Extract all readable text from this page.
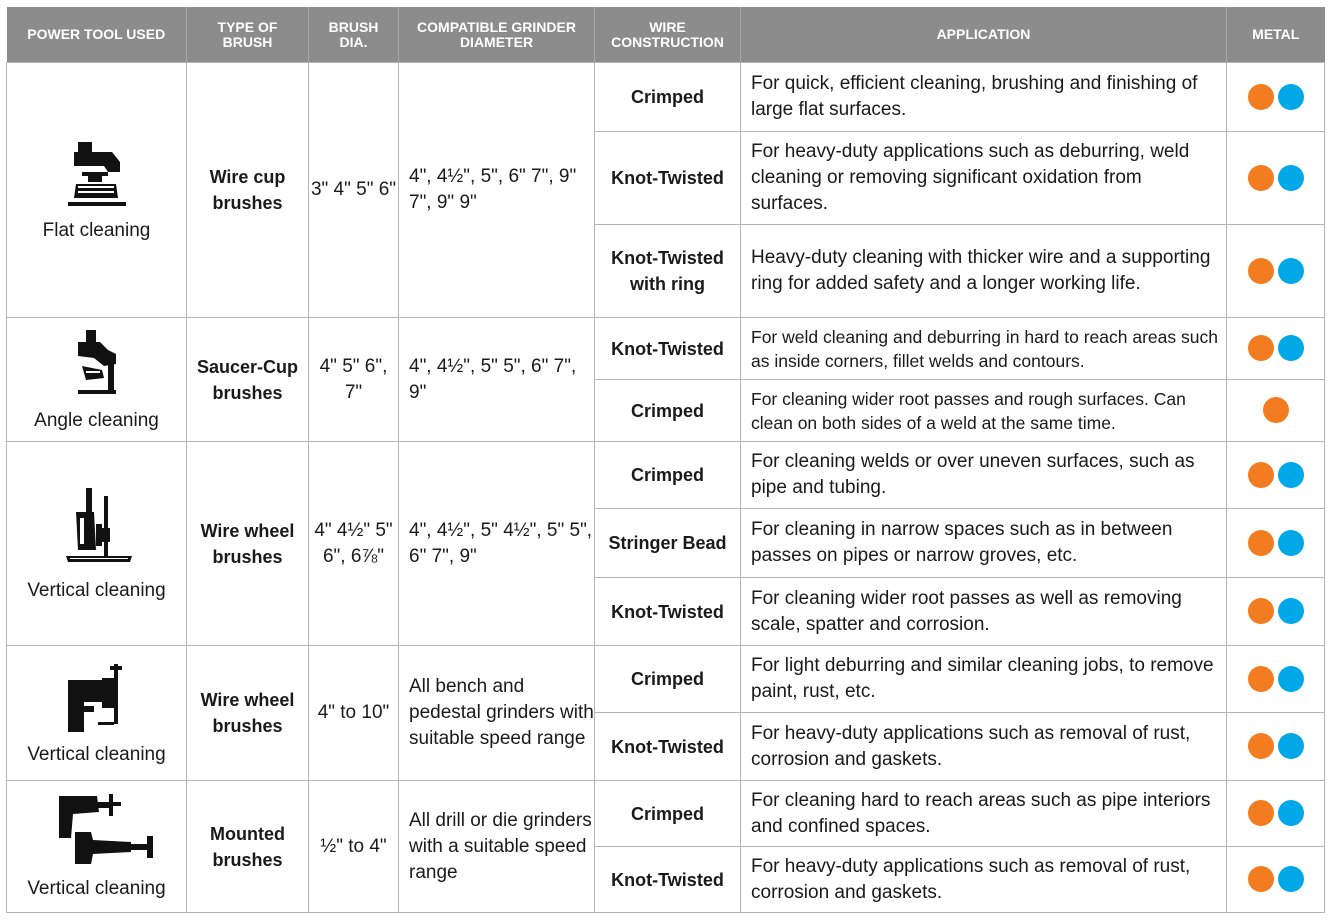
POWER TOOL USED	TYPE OF BRUSH	BRUSH DIA.	COMPATIBLE GRINDER DIAMETER	WIRE CONSTRUCTION	APPLICATION	METAL

Flat cleaning	Wire cup brushes	3" 4" 5" 6"	4", 4½", 5", 6" 7", 9" 7", 9" 9"	Crimped	For quick, efficient cleaning, brushing and finishing of large flat surfaces.	
				Knot-Twisted	For heavy-duty applications such as deburring, weld cleaning or removing significant oxidation from surfaces.	
				Knot-Twisted with ring	Heavy-duty cleaning with thicker wire and a supporting ring for added safety and a longer working life.	

Angle cleaning	Saucer-Cup brushes	4" 5" 6", 7"	4", 4½", 5" 5", 6" 7", 9"	Knot-Twisted	For weld cleaning and deburring in hard to reach areas such as inside corners, fillet welds and contours.	
				Crimped	For cleaning wider root passes and rough surfaces. Can clean on both sides of a weld at the same time.	

Vertical cleaning	Wire wheel brushes	4" 4½" 5" 6", 6⅞"	4", 4½", 5" 4½", 5" 5", 6" 7", 9"	Crimped	For cleaning welds or over uneven surfaces, such as pipe and tubing.	
				Stringer Bead	For cleaning in narrow spaces such as in between passes on pipes or narrow groves, etc.	
				Knot-Twisted	For cleaning wider root passes as well as removing scale, spatter and corrosion.	

Vertical cleaning	Wire wheel brushes	4" to 10"	All bench and pedestal grinders with suitable speed range	Crimped	For light deburring and similar cleaning jobs, to remove paint, rust, etc.	
				Knot-Twisted	For heavy-duty applications such as removal of rust, corrosion and gaskets.	

Vertical cleaning	Mounted brushes	½" to 4"	All drill or die grinders with a suitable speed range	Crimped	For cleaning hard to reach areas such as pipe interiors and confined spaces.	
				Knot-Twisted	For heavy-duty applications such as removal of rust, corrosion and gaskets.	
